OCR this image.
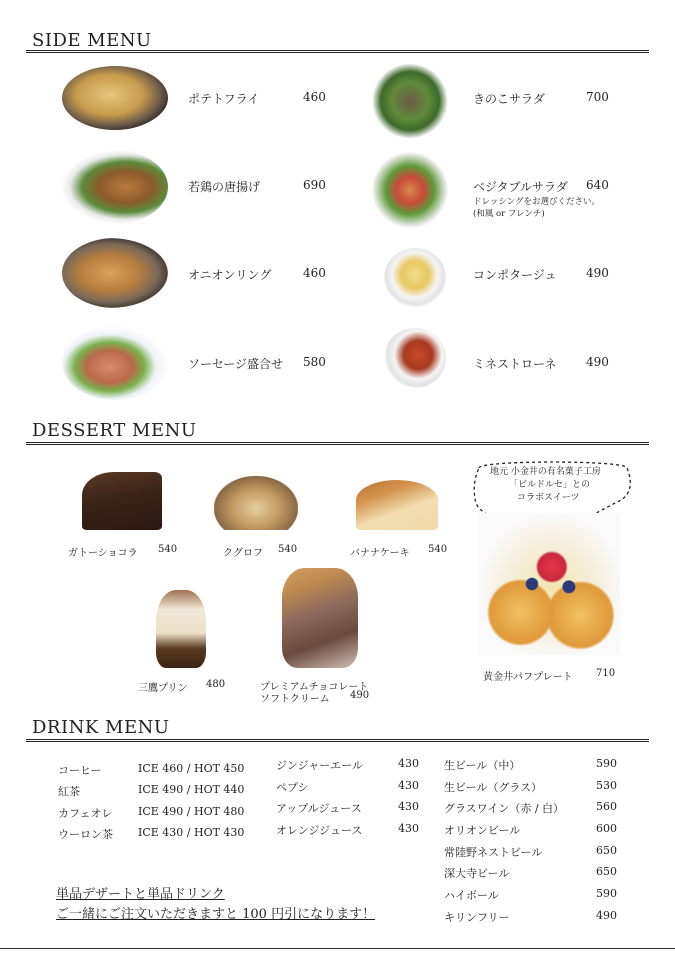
SIDE MENU
ポテトフライ	460
若鶏の唐揚げ	690
オニオンリング	460
ソーセージ盛合せ 580
きのこサラダ	700
ベジタブルサラダ 640
ドレッシングをお選びください。
(和風 or フレンチ)
コンポタージュ 490
ミネストローネ 490
DESSERT MENU
ガトーショコラ 540	クグロフ 540	バナナケーキ 540
三鷹プリン 480	プレミアムチョコレート
ソフトクリーム 490
地元 小金井の有名菓子工房
「ビルドルセ」との
コラボスイーツ
黄金井パフプレート 710
DRINK MENU
コーヒー	ICE 460 / HOT 450
紅茶	ICE 490 / HOT 440
カフェオレ ICE 490 / HOT 480
ウーロン茶 ICE 430 / HOT 430
ジンジャーエール	430
ペプシ	430
アップルジュース	430
オレンジジュース	430
生ビール（中）	590
生ビール（グラス）	530
グラスワイン（赤 / 白）	560
オリオンビール	600
常陸野ネストビール	650
深大寺ビール	650
ハイボール	590
キリンフリー	490
単品デザートと単品ドリンク
ご一緒にご注文いただきますと 100 円引になります！
